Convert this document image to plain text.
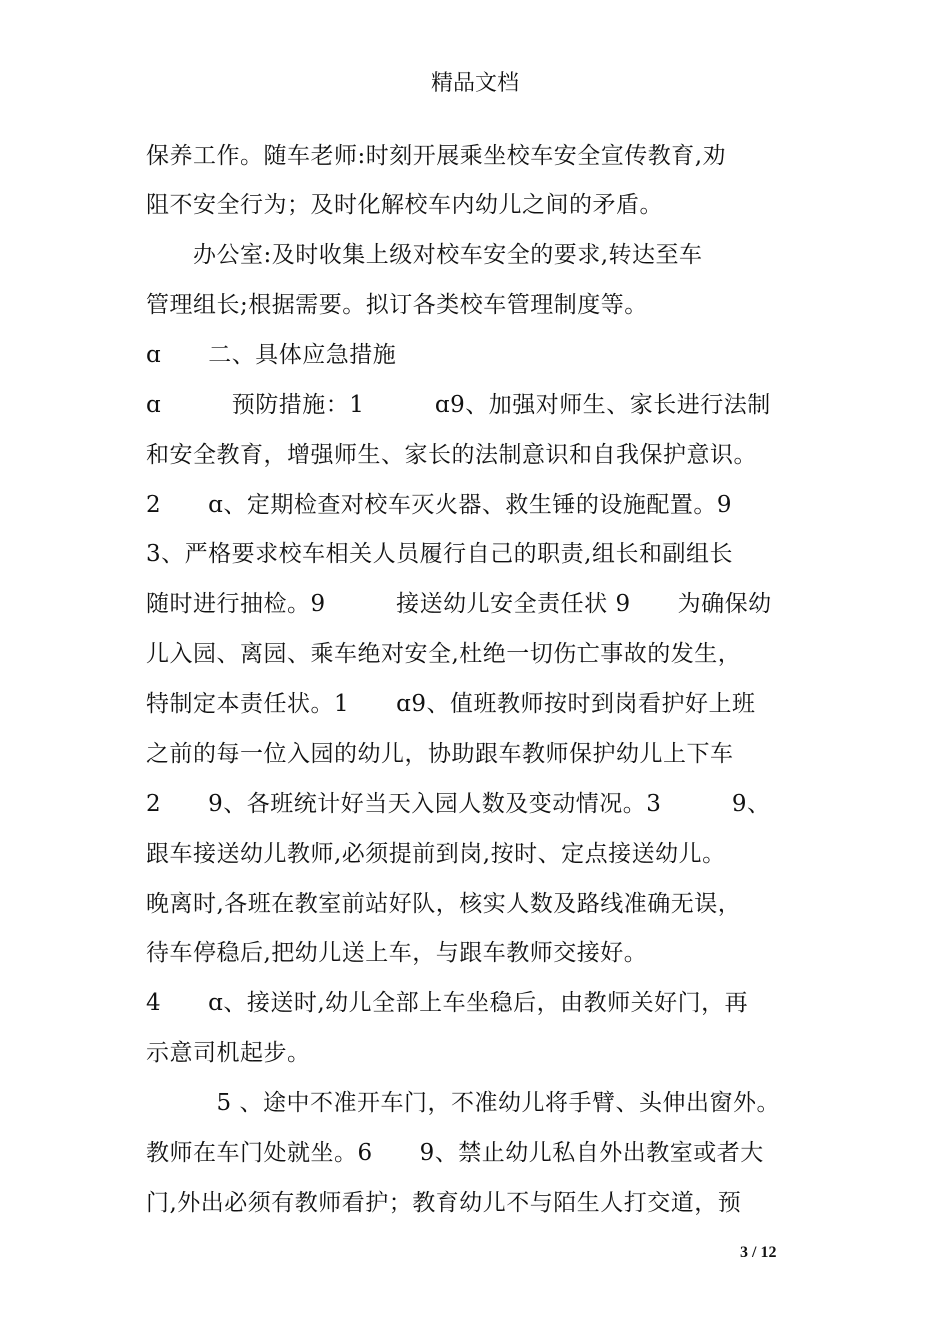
精品文档
保养工作。随车老师:时刻开展乘坐校车安全宣传教育,劝
阻不安全行为；及时化解校车内幼儿之间的矛盾。
　　办公室:及时收集上级对校车安全的要求,转达至车
管理组长;根据需要。拟订各类校车管理制度等。
ɑ　　二、具体应急措施
ɑ　　　预防措施：1　　　ɑ9、加强对师生、家长进行法制
和安全教育，增强师生、家长的法制意识和自我保护意识。
2　　ɑ、定期检查对校车灭火器、救生锤的设施配置。9
3、严格要求校车相关人员履行自己的职责,组长和副组长
随时进行抽检。9　　　接送幼儿安全责任状 9　　为确保幼
儿入园、离园、乘车绝对安全,杜绝一切伤亡事故的发生，
特制定本责任状。1　　ɑ9、值班教师按时到岗看护好上班
之前的每一位入园的幼儿，协助跟车教师保护幼儿上下车
2　　9、各班统计好当天入园人数及变动情况。3　　　9、
跟车接送幼儿教师,必须提前到岗,按时、定点接送幼儿。
晚离时,各班在教室前站好队，核实人数及路线准确无误，
待车停稳后,把幼儿送上车，与跟车教师交接好。
4　　ɑ、接送时,幼儿全部上车坐稳后，由教师关好门，再
示意司机起步。
　　　5 、途中不准开车门，不准幼儿将手臂、头伸出窗外。
教师在车门处就坐。6　　9、禁止幼儿私自外出教室或者大
门,外出必须有教师看护；教育幼儿不与陌生人打交道，预
3 / 12
